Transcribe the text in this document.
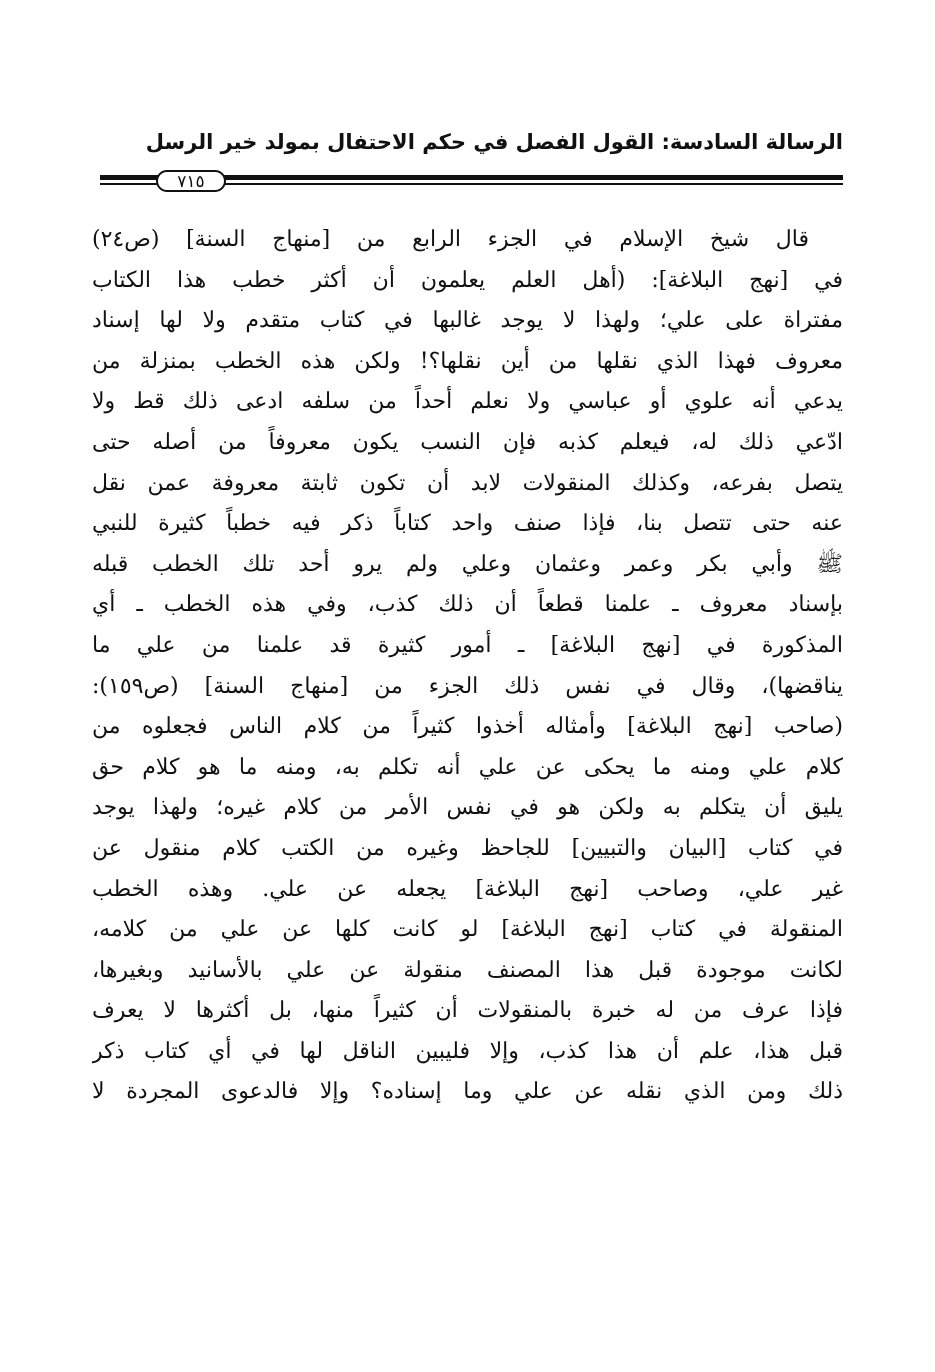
الرسالة السادسة: القول الفصل في حكم الاحتفال بمولد خير الرسل
٧١٥
قال شيخ الإسلام في الجزء الرابع من [منهاج السنة] (ص٢٤)
في [نهج البلاغة]: (أهل العلم يعلمون أن أكثر خطب هذا الكتاب
مفتراة على علي؛ ولهذا لا يوجد غالبها في كتاب متقدم ولا لها إسناد
معروف فهذا الذي نقلها من أين نقلها؟! ولكن هذه الخطب بمنزلة من
يدعي أنه علوي أو عباسي ولا نعلم أحداً من سلفه ادعى ذلك قط ولا
ادّعي ذلك له، فيعلم كذبه فإن النسب يكون معروفاً من أصله حتى
يتصل بفرعه، وكذلك المنقولات لابد أن تكون ثابتة معروفة عمن نقل
عنه حتى تتصل بنا، فإذا صنف واحد كتاباً ذكر فيه خطباً كثيرة للنبي
ﷺ وأبي بكر وعمر وعثمان وعلي ولم يرو أحد تلك الخطب قبله
بإسناد معروف ـ علمنا قطعاً أن ذلك كذب، وفي هذه الخطب ـ أي
المذكورة في [نهج البلاغة] ـ أمور كثيرة قد علمنا من علي ما
يناقضها)، وقال في نفس ذلك الجزء من [منهاج السنة] (ص١٥٩):
(صاحب [نهج البلاغة] وأمثاله أخذوا كثيراً من كلام الناس فجعلوه من
كلام علي ومنه ما يحكى عن علي أنه تكلم به، ومنه ما هو كلام حق
يليق أن يتكلم به ولكن هو في نفس الأمر من كلام غيره؛ ولهذا يوجد
في كتاب [البيان والتبيين] للجاحظ وغيره من الكتب كلام منقول عن
غير علي، وصاحب [نهج البلاغة] يجعله عن علي. وهذه الخطب
المنقولة في كتاب [نهج البلاغة] لو كانت كلها عن علي من كلامه،
لكانت موجودة قبل هذا المصنف منقولة عن علي بالأسانيد وبغيرها،
فإذا عرف من له خبرة بالمنقولات أن كثيراً منها، بل أكثرها لا يعرف
قبل هذا، علم أن هذا كذب، وإلا فليبين الناقل لها في أي كتاب ذكر
ذلك ومن الذي نقله عن علي وما إسناده؟ وإلا فالدعوى المجردة لا
